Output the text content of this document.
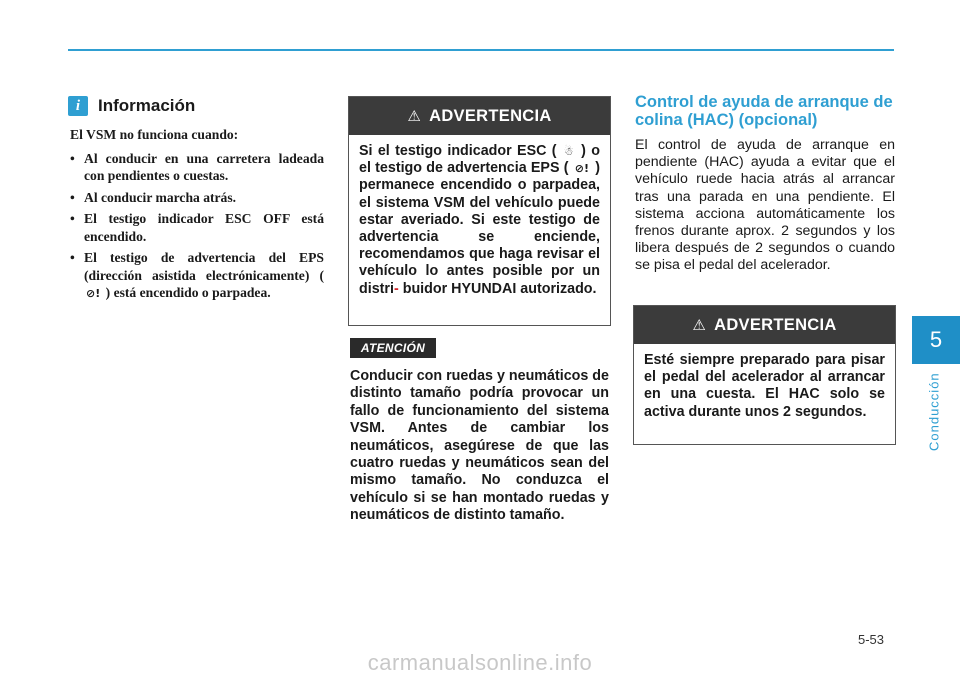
5
Conducción
i	Información

El VSM no funciona cuando:

• Al conducir en una carretera ladeada con pendientes o cuestas.
• Al conducir marcha atrás.
• El testigo indicador ESC OFF está encendido.
• El testigo de advertencia del EPS (dirección asistida electrónicamente) ( ⊘! ) está encendido o parpadea.
⚠ ADVERTENCIA
Si el testigo indicador ESC ( ☃ ) o el testigo de advertencia EPS ( ⊘! ) permanece encendido o parpadea, el sistema VSM del vehículo puede estar averiado. Si este testigo de advertencia se enciende, recomendamos que haga revisar el vehículo lo antes posible por un distri- buidor HYUNDAI autorizado.
ATENCIÓN
Conducir con ruedas y neumáticos de distinto tamaño podría provocar un fallo de funcionamiento del sistema VSM. Antes de cambiar los neumáticos, asegúrese de que las cuatro ruedas y neumáticos sean del mismo tamaño. No conduzca el vehículo si se han montado ruedas y neumáticos de distinto tamaño.
Control de ayuda de arranque de colina (HAC) (opcional)
El control de ayuda de arranque en pendiente (HAC) ayuda a evitar que el vehículo ruede hacia atrás al arrancar tras una parada en una pendiente. El sistema acciona automáticamente los frenos durante aprox. 2 segundos y los libera después de 2 segundos o cuando se pisa el pedal del acelerador.
⚠ ADVERTENCIA
Esté siempre preparado para pisar el pedal del acelerador al arrancar en una cuesta. El HAC solo se activa durante unos 2 segundos.
5-53
carmanualsonline.info
